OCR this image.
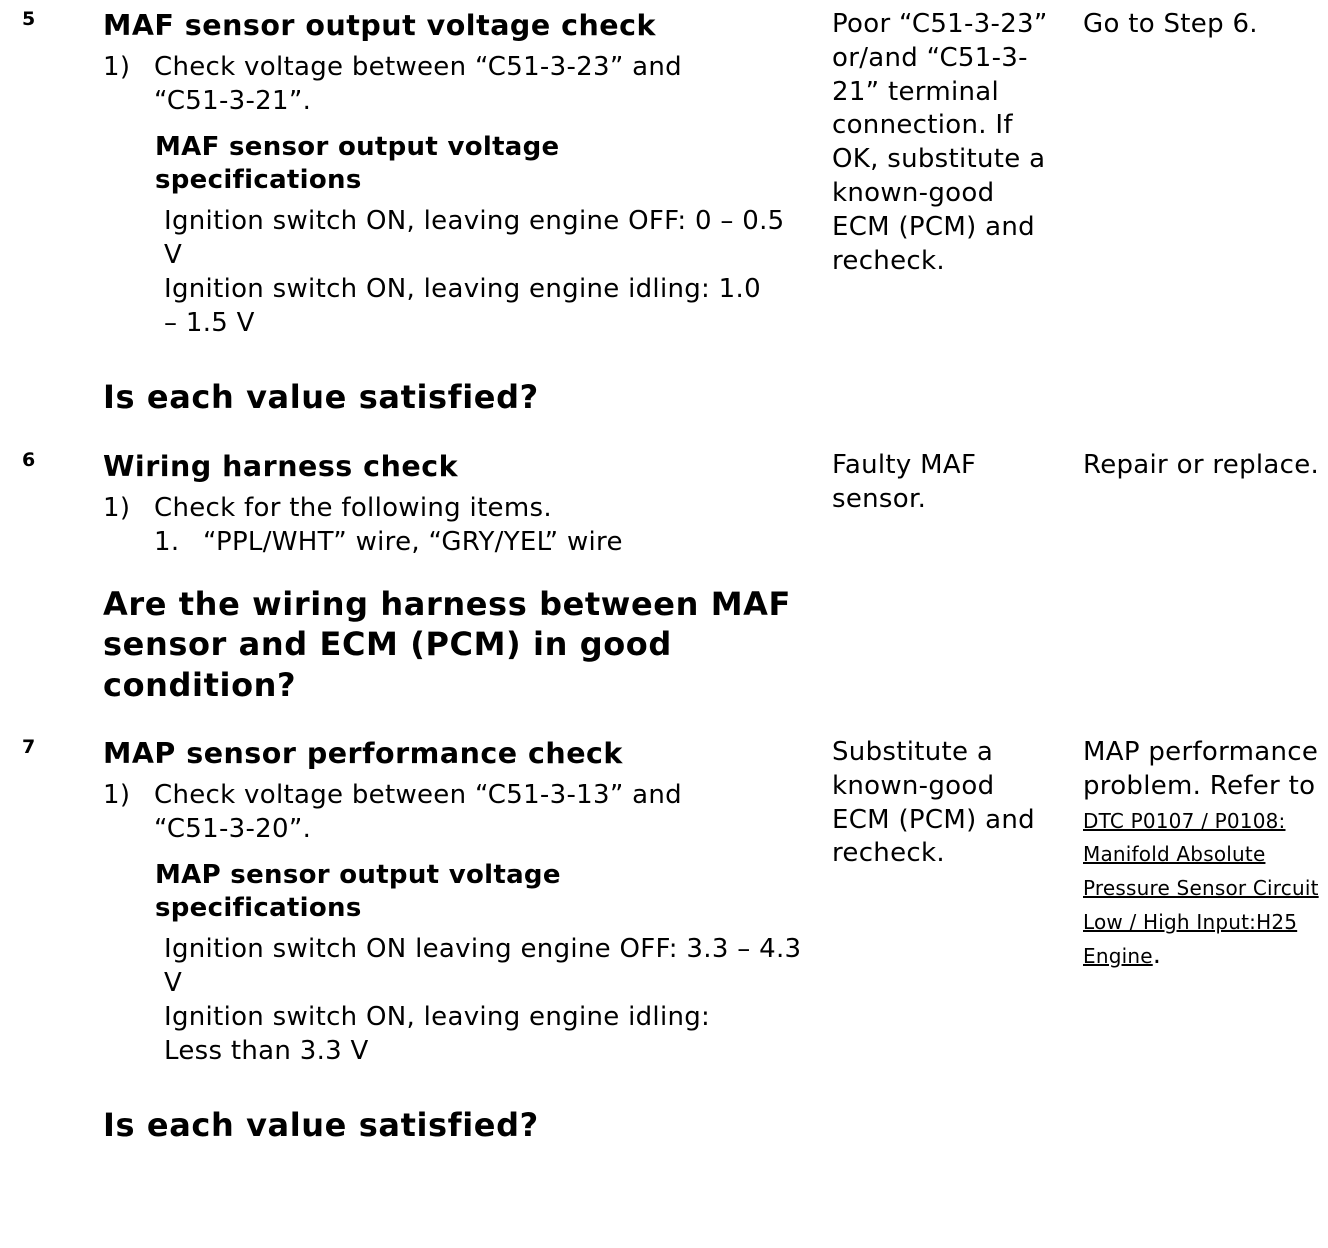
5 MAF sensor output voltage check
1) Check voltage between “C51-3-23” and “C51-3-21”.
MAF sensor output voltage specifications
Ignition switch ON, leaving engine OFF: 0 – 0.5 V
Ignition switch ON, leaving engine idling: 1.0 – 1.5 V
Is each value satisfied?
Poor “C51-3-23” or/and “C51-3-21” terminal connection. If OK, substitute a known-good ECM (PCM) and recheck.
Go to Step 6.
6 Wiring harness check
1) Check for the following items.
1. “PPL/WHT” wire, “GRY/YEL” wire
Are the wiring harness between MAF sensor and ECM (PCM) in good condition?
Faulty MAF sensor.
Repair or replace.
7 MAP sensor performance check
1) Check voltage between “C51-3-13” and “C51-3-20”.
MAP sensor output voltage specifications
Ignition switch ON leaving engine OFF: 3.3 – 4.3 V
Ignition switch ON, leaving engine idling: Less than 3.3 V
Is each value satisfied?
Substitute a known-good ECM (PCM) and recheck.
MAP performance problem. Refer to DTC P0107 / P0108: Manifold Absolute Pressure Sensor Circuit Low / High Input:H25 Engine.
